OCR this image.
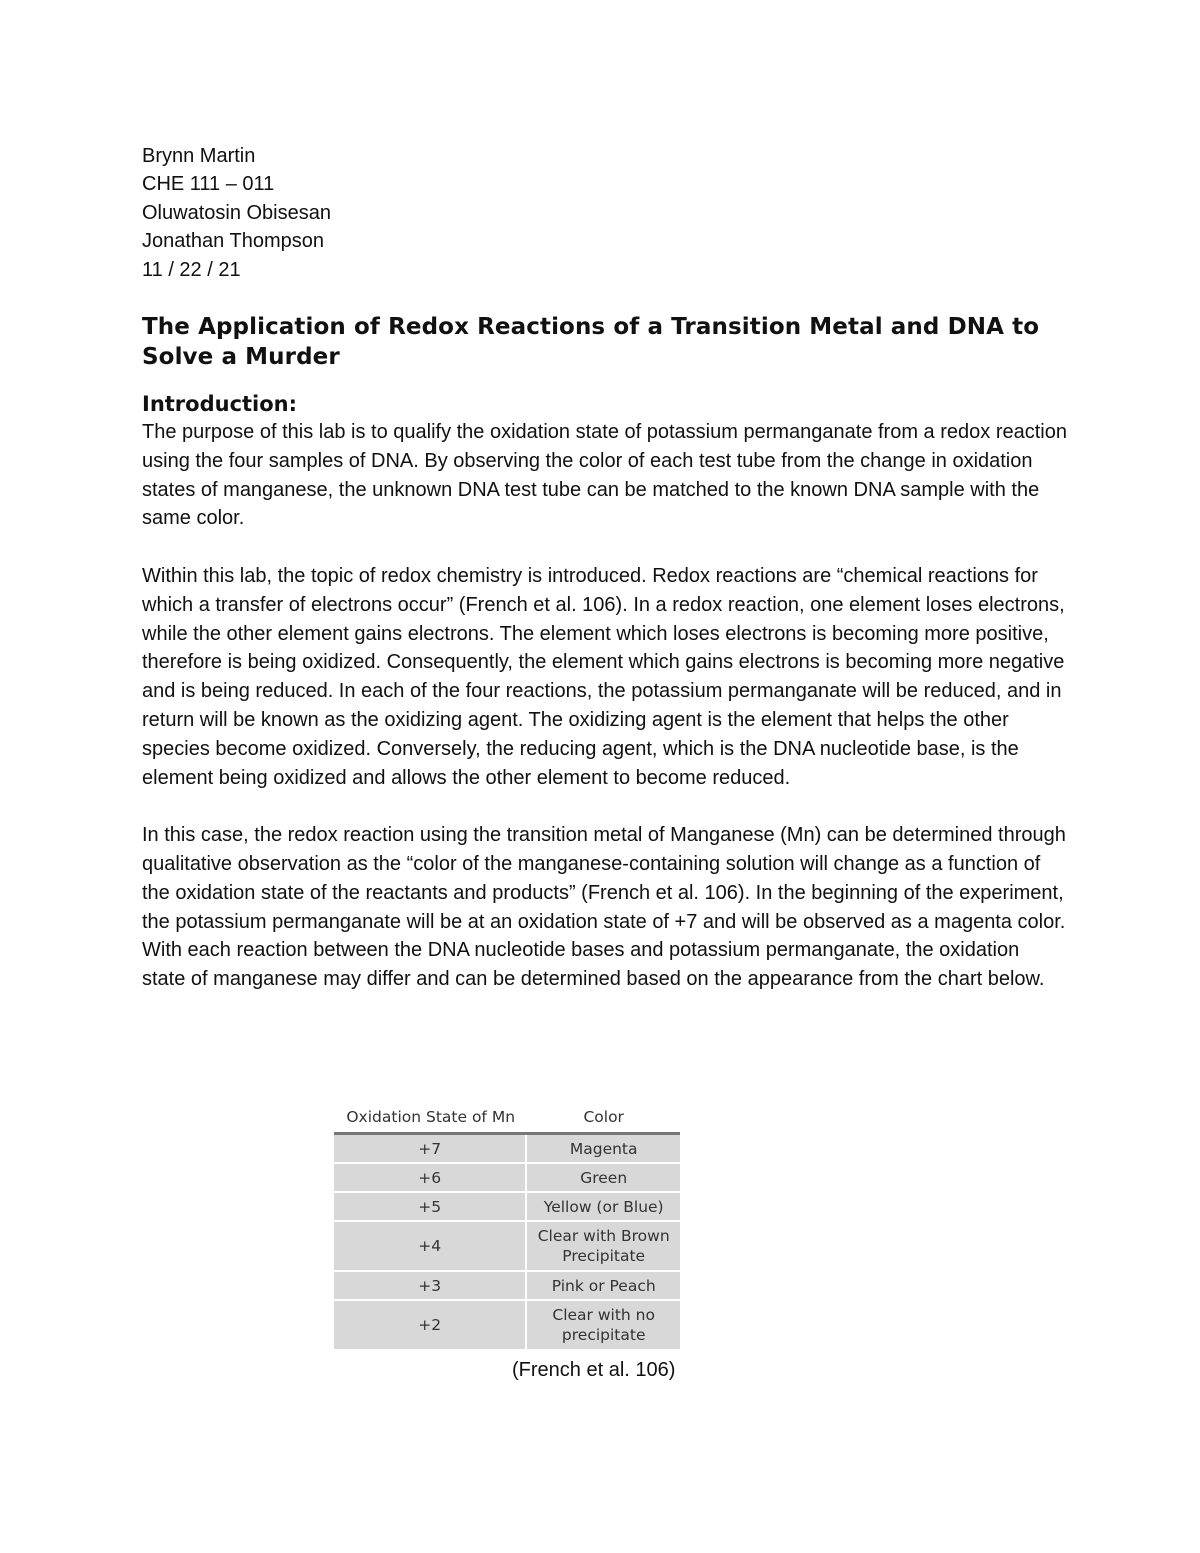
Brynn Martin

CHE 111 – 011

Oluwatosin Obisesan

Jonathan Thompson

11 / 22 / 21

The Application of Redox Reactions of a Transition Metal and DNA to Solve a Murder
Introduction:

The purpose of this lab is to qualify the oxidation state of potassium permanganate from a redox reaction using the four samples of DNA. By observing the color of each test tube from the change in oxidation states of manganese, the unknown DNA test tube can be matched to the known DNA sample with the same color.

Within this lab, the topic of redox chemistry is introduced. Redox reactions are “chemical reactions for which a transfer of electrons occur” (French et al. 106). In a redox reaction, one element loses electrons, while the other element gains electrons. The element which loses electrons is becoming more positive, therefore is being oxidized. Consequently, the element which gains electrons is becoming more negative and is being reduced. In each of the four reactions, the potassium permanganate will be reduced, and in return will be known as the oxidizing agent. The oxidizing agent is the element that helps the other species become oxidized. Conversely, the reducing agent, which is the DNA nucleotide base, is the element being oxidized and allows the other element to become reduced.

In this case, the redox reaction using the transition metal of Manganese (Mn) can be determined through qualitative observation as the “color of the manganese-containing solution will change as a function of the oxidation state of the reactants and products” (French et al. 106). In the beginning of the experiment, the potassium permanganate will be at an oxidation state of +7 and will be observed as a magenta color. With each reaction between the DNA nucleotide bases and potassium permanganate, the oxidation state of manganese may differ and can be determined based on the appearance from the chart below.

Oxidation State of Mn	Color
+7	Magenta
+6	Green
+5	Yellow (or Blue)
+4	Clear with Brown Precipitate
+3	Pink or Peach
+2	Clear with no precipitate
(French et al. 106)
